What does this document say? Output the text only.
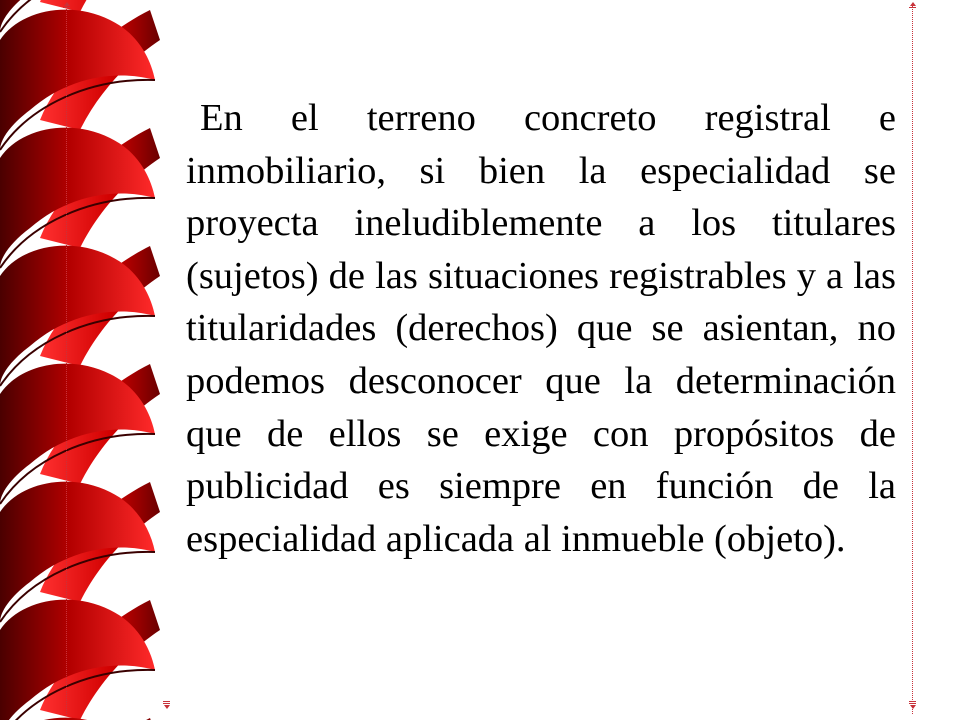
En el terreno concreto registral e inmobiliario, si bien la especialidad se proyecta ineludiblemente a los titulares (sujetos) de las situaciones registrables y a las titularidades (derechos) que se asientan, no podemos desconocer que la determinación que de ellos se exige con propósitos de publicidad es siempre en función de la especialidad aplicada al inmueble (objeto).
